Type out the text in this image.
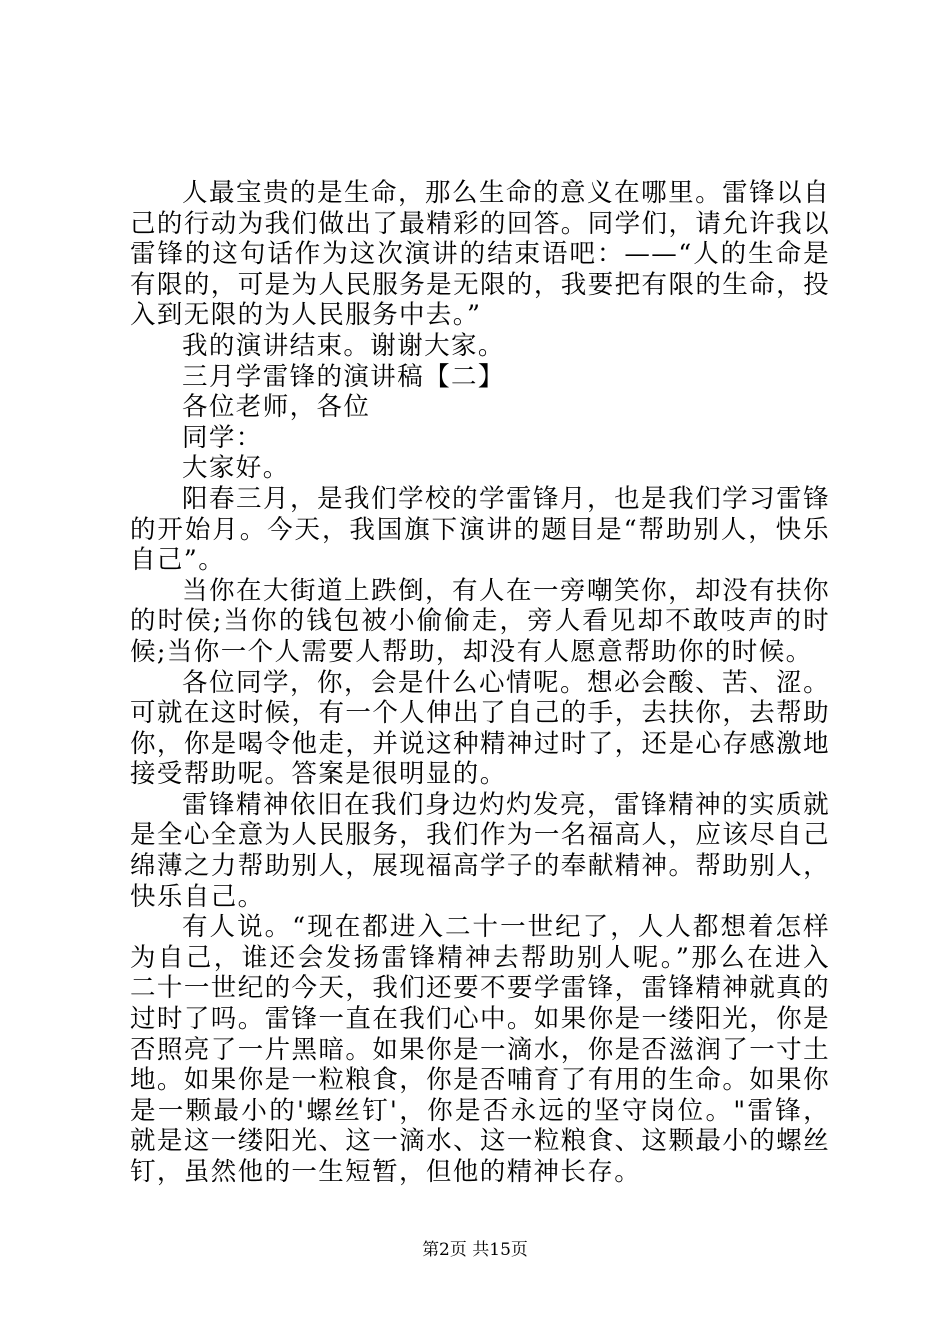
人最宝贵的是生命，那么生命的意义在哪里。雷锋以自己的行动为我们做出了最精彩的回答。同学们，请允许我以雷锋的这句话作为这次演讲的结束语吧：——“人的生命是有限的，可是为人民服务是无限的，我要把有限的生命，投入到无限的为人民服务中去。”

我的演讲结束。谢谢大家。

三月学雷锋的演讲稿【二】

各位老师，各位

同学：

大家好。

阳春三月，是我们学校的学雷锋月，也是我们学习雷锋的开始月。今天，我国旗下演讲的题目是“帮助别人，快乐自己”。

当你在大街道上跌倒，有人在一旁嘲笑你，却没有扶你的时侯;当你的钱包被小偷偷走，旁人看见却不敢吱声的时候;当你一个人需要人帮助，却没有人愿意帮助你的时候。

各位同学，你，会是什么心情呢。想必会酸、苦、涩。可就在这时候，有一个人伸出了自己的手，去扶你，去帮助你，你是喝令他走，并说这种精神过时了，还是心存感激地接受帮助呢。答案是很明显的。

雷锋精神依旧在我们身边灼灼发亮，雷锋精神的实质就是全心全意为人民服务，我们作为一名福高人，应该尽自己绵薄之力帮助别人，展现福高学子的奉献精神。帮助别人，快乐自己。

有人说。“现在都进入二十一世纪了，人人都想着怎样为自己，谁还会发扬雷锋精神去帮助别人呢。”那么在进入二十一世纪的今天，我们还要不要学雷锋，雷锋精神就真的过时了吗。雷锋一直在我们心中。如果你是一缕阳光，你是否照亮了一片黑暗。如果你是一滴水，你是否滋润了一寸土地。如果你是一粒粮食，你是否哺育了有用的生命。如果你是一颗最小的'螺丝钉'，你是否永远的坚守岗位。"雷锋，就是这一缕阳光、这一滴水、这一粒粮食、这颗最小的螺丝钉，虽然他的一生短暂，但他的精神长存。

第2页 共15页
